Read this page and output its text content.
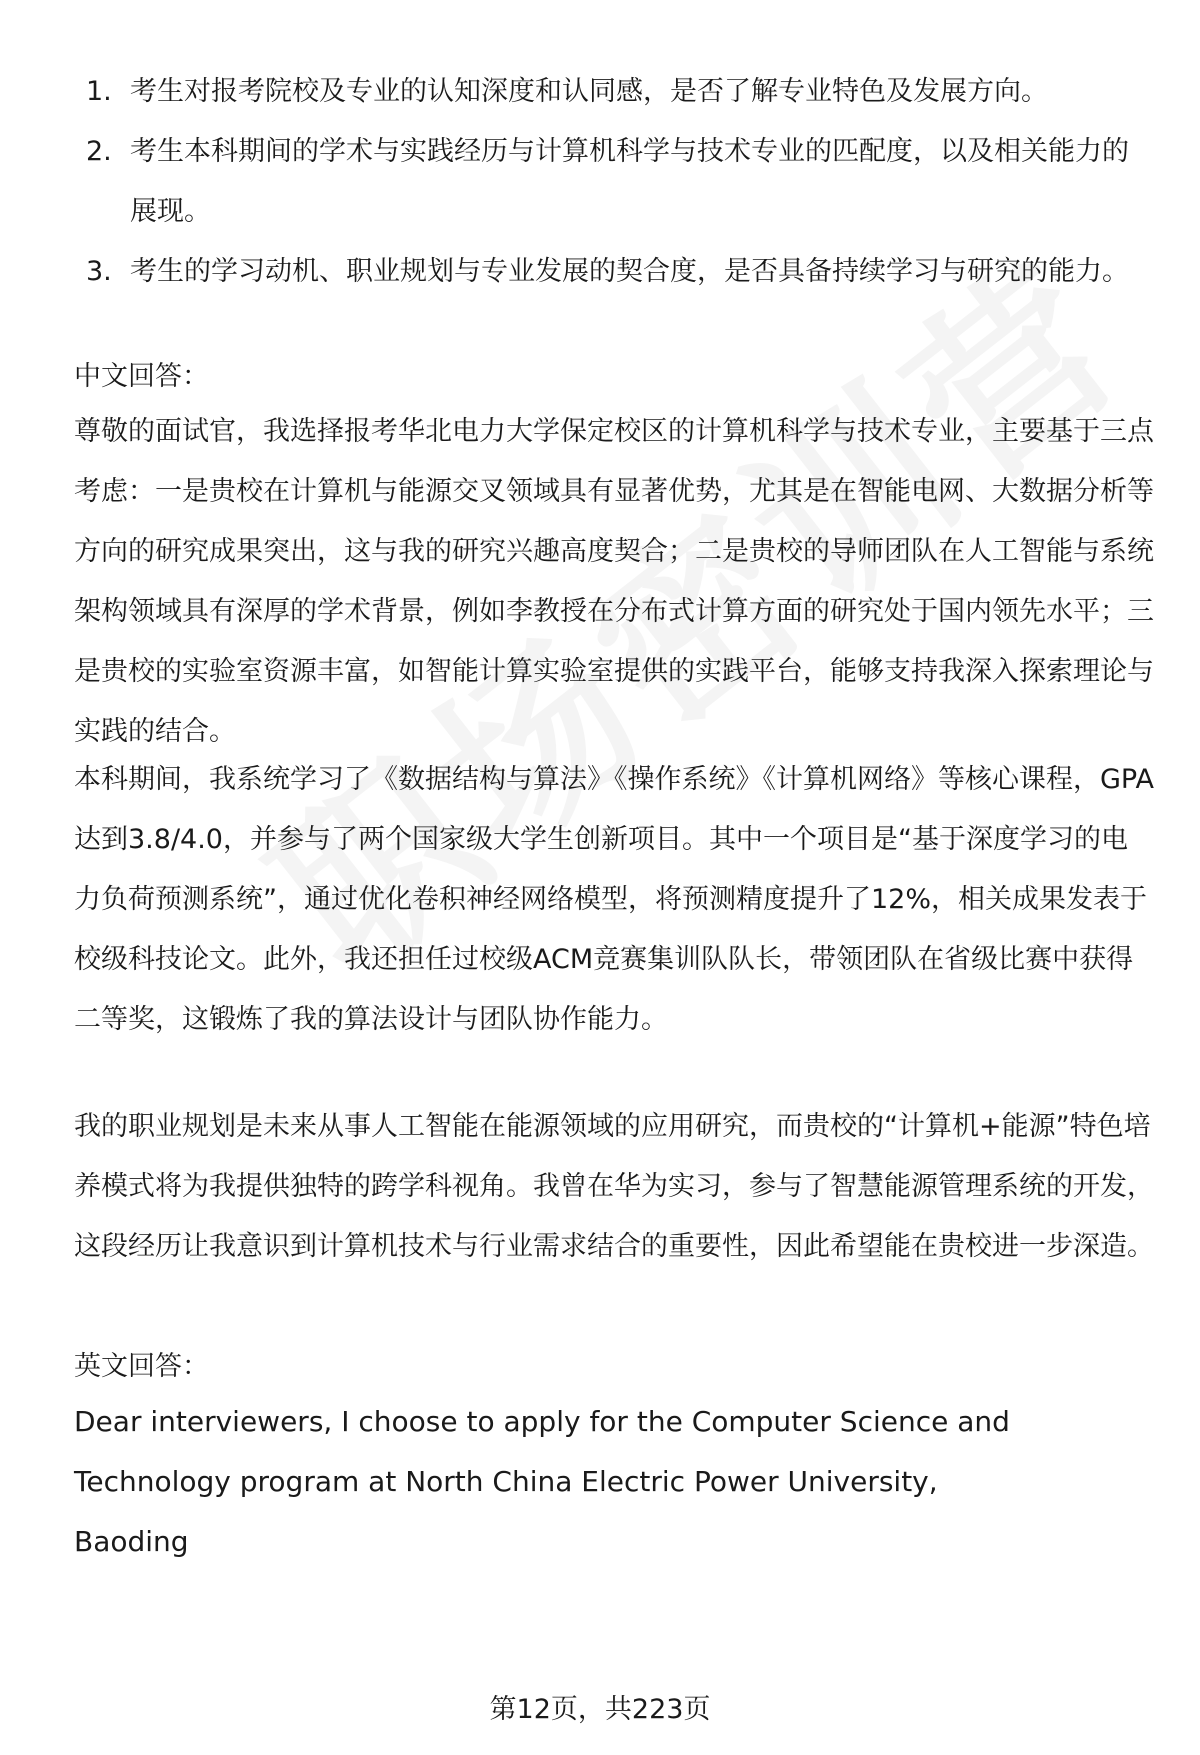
1. 考生对报考院校及专业的认知深度和认同感，是否了解专业特色及发展方向。
2. 考生本科期间的学术与实践经历与计算机科学与技术专业的匹配度，以及相关能力的展现。
3. 考生的学习动机、职业规划与专业发展的契合度，是否具备持续学习与研究的能力。

中文回答：

尊敬的面试官，我选择报考华北电力大学保定校区的计算机科学与技术专业，主要基于三点考虑：一是贵校在计算机与能源交叉领域具有显著优势，尤其是在智能电网、大数据分析等方向的研究成果突出，这与我的研究兴趣高度契合；二是贵校的导师团队在人工智能与系统架构领域具有深厚的学术背景，例如李教授在分布式计算方面的研究处于国内领先水平；三是贵校的实验室资源丰富，如智能计算实验室提供的实践平台，能够支持我深入探索理论与实践的结合。

本科期间，我系统学习了《数据结构与算法》《操作系统》《计算机网络》等核心课程，GPA达到3.8/4.0，并参与了两个国家级大学生创新项目。其中一个项目是“基于深度学习的电力负荷预测系统”，通过优化卷积神经网络模型，将预测精度提升了12%，相关成果发表于校级科技论文。此外，我还担任过校级ACM竞赛集训队队长，带领团队在省级比赛中获得二等奖，这锻炼了我的算法设计与团队协作能力。

我的职业规划是未来从事人工智能在能源领域的应用研究，而贵校的“计算机+能源”特色培养模式将为我提供独特的跨学科视角。我曾在华为实习，参与了智慧能源管理系统的开发，这段经历让我意识到计算机技术与行业需求结合的重要性，因此希望能在贵校进一步深造。

英文回答：

Dear interviewers, I choose to apply for the Computer Science and Technology program at North China Electric Power University, Baoding

第12页，共223页
